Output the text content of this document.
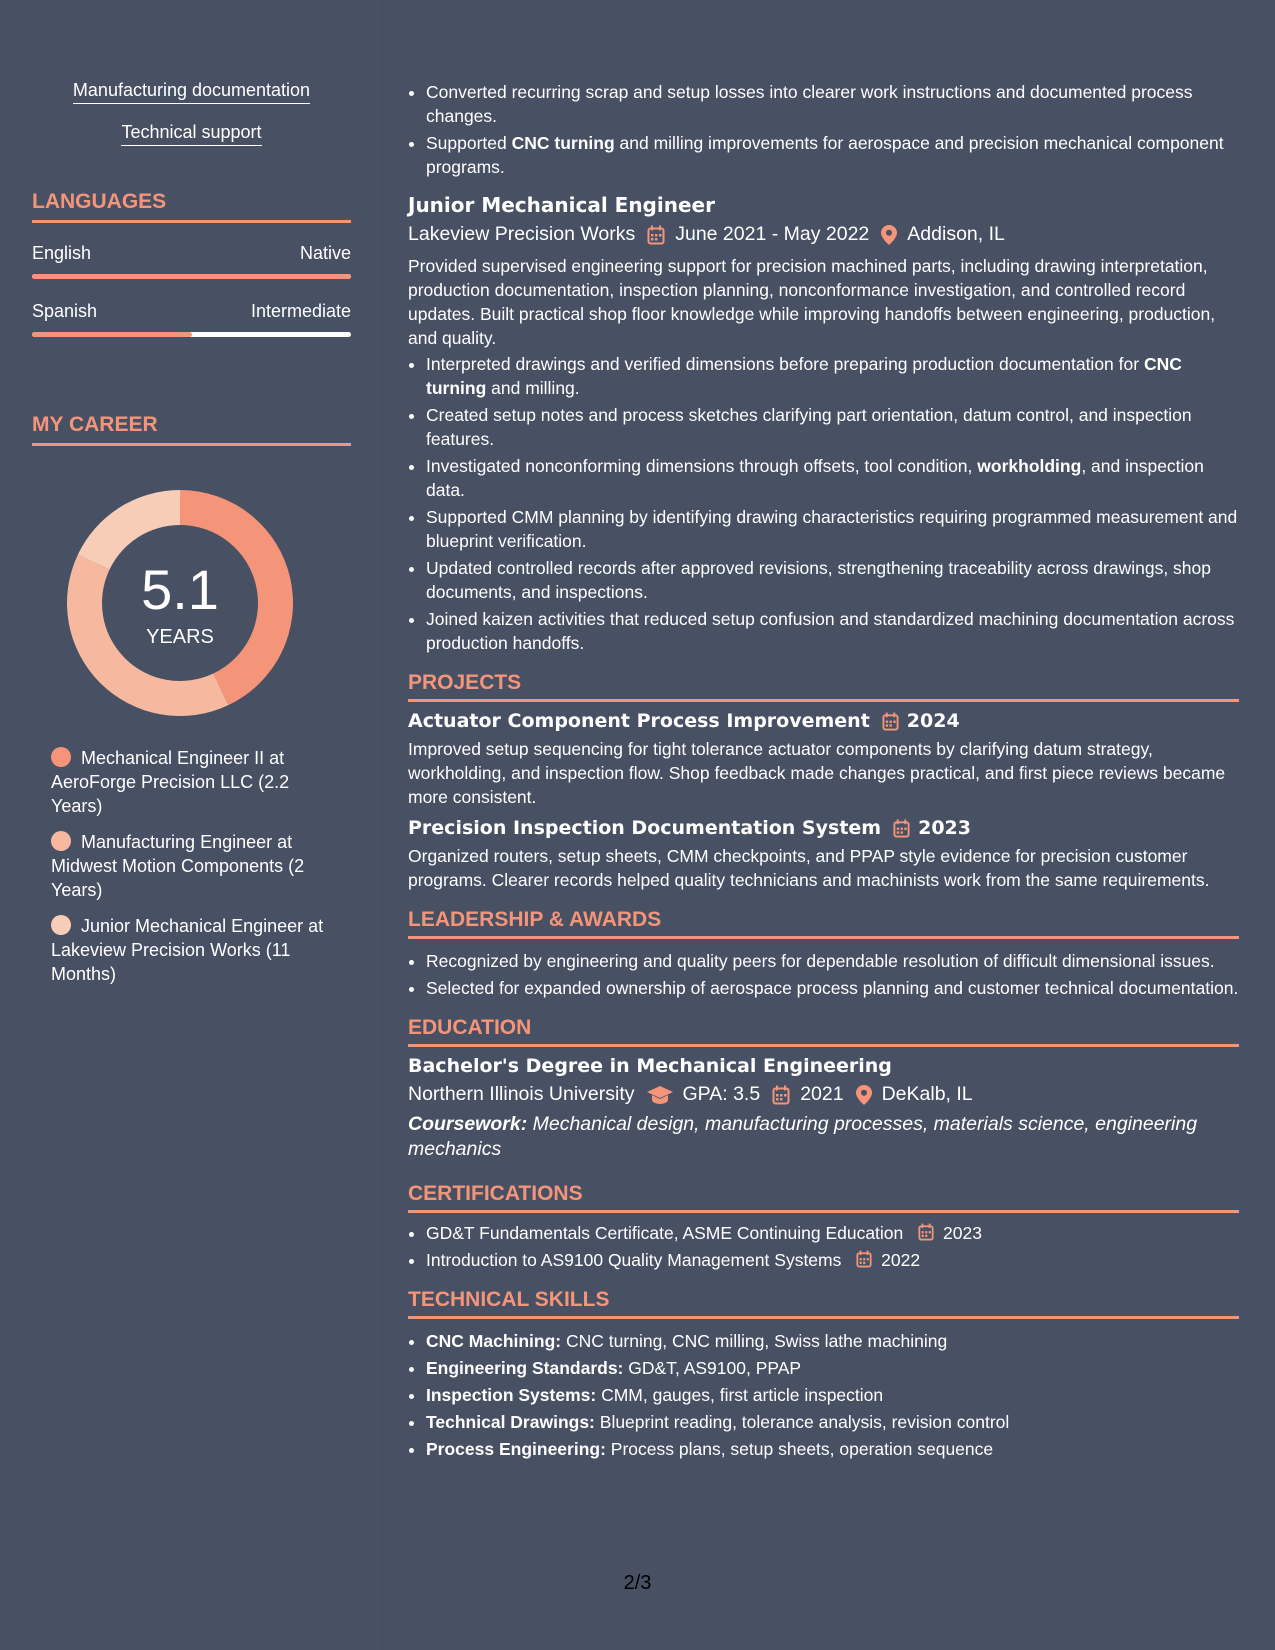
Manufacturing documentation
Technical support
LANGUAGES
English	Native
Spanish	Intermediate
MY CAREER
5.1
YEARS
Mechanical Engineer II at AeroForge Precision LLC (2.2 Years)
Manufacturing Engineer at Midwest Motion Components (2 Years)
Junior Mechanical Engineer at Lakeview Precision Works (11 Months)
• Converted recurring scrap and setup losses into clearer work instructions and documented process changes.
• Supported CNC turning and milling improvements for aerospace and precision mechanical component programs.
Junior Mechanical Engineer
Lakeview Precision Works June 2021 - May 2022 Addison, IL
Provided supervised engineering support for precision machined parts, including drawing interpretation, production documentation, inspection planning, nonconformance investigation, and controlled record updates. Built practical shop floor knowledge while improving handoffs between engineering, production, and quality.
• Interpreted drawings and verified dimensions before preparing production documentation for CNC turning and milling.
• Created setup notes and process sketches clarifying part orientation, datum control, and inspection features.
• Investigated nonconforming dimensions through offsets, tool condition, workholding, and inspection data.
• Supported CMM planning by identifying drawing characteristics requiring programmed measurement and blueprint verification.
• Updated controlled records after approved revisions, strengthening traceability across drawings, shop documents, and inspections.
• Joined kaizen activities that reduced setup confusion and standardized machining documentation across production handoffs.
PROJECTS
Actuator Component Process Improvement 2024
Improved setup sequencing for tight tolerance actuator components by clarifying datum strategy, workholding, and inspection flow. Shop feedback made changes practical, and first piece reviews became more consistent.
Precision Inspection Documentation System 2023
Organized routers, setup sheets, CMM checkpoints, and PPAP style evidence for precision customer programs. Clearer records helped quality technicians and machinists work from the same requirements.
LEADERSHIP & AWARDS
• Recognized by engineering and quality peers for dependable resolution of difficult dimensional issues.
• Selected for expanded ownership of aerospace process planning and customer technical documentation.
EDUCATION
Bachelor's Degree in Mechanical Engineering
Northern Illinois University GPA: 3.5 2021 DeKalb, IL
Coursework: Mechanical design, manufacturing processes, materials science, engineering mechanics
CERTIFICATIONS
• GD&T Fundamentals Certificate, ASME Continuing Education 2023
• Introduction to AS9100 Quality Management Systems 2022
TECHNICAL SKILLS
• CNC Machining: CNC turning, CNC milling, Swiss lathe machining
• Engineering Standards: GD&T, AS9100, PPAP
• Inspection Systems: CMM, gauges, first article inspection
• Technical Drawings: Blueprint reading, tolerance analysis, revision control
• Process Engineering: Process plans, setup sheets, operation sequence
2/3
